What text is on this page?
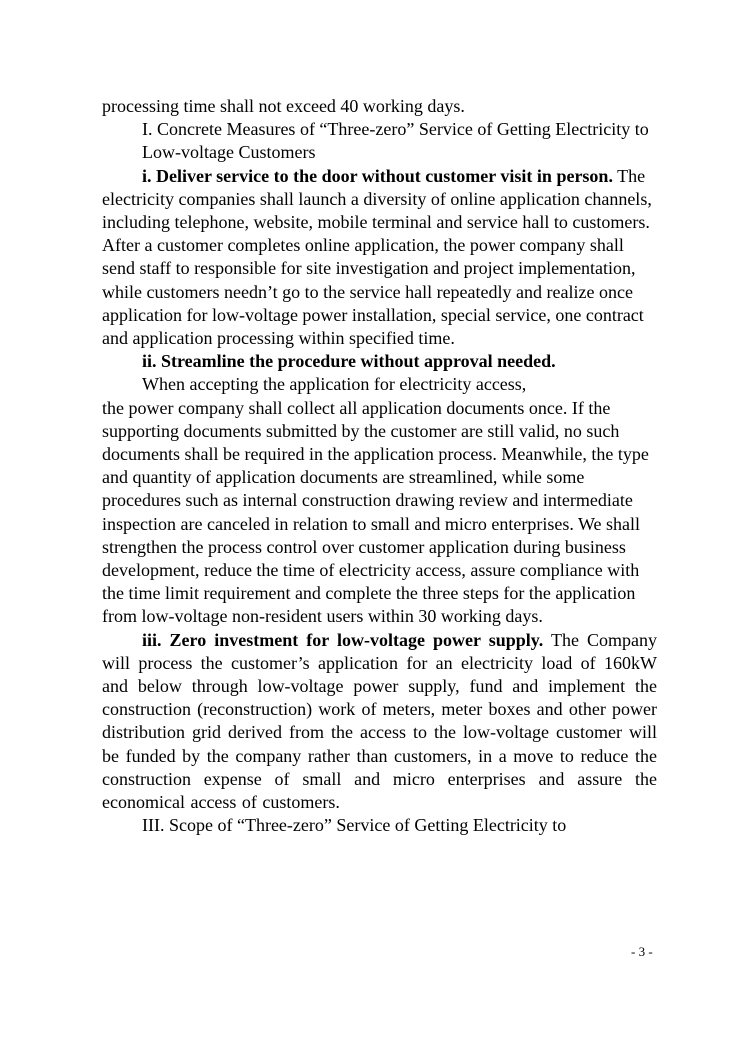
processing time shall not exceed 40 working days.

I. Concrete Measures of “Three-zero” Service of Getting Electricity to Low-voltage Customers

i. Deliver service to the door without customer visit in person. The electricity companies shall launch a diversity of online application channels, including telephone, website, mobile terminal and service hall to customers. After a customer completes online application, the power company shall send staff to responsible for site investigation and project implementation, while customers needn’t go to the service hall repeatedly and realize once application for low-voltage power installation, special service, one contract and application processing within specified time.

ii. Streamline the procedure without approval needed.

When accepting the application for electricity access,

the power company shall collect all application documents once. If the supporting documents submitted by the customer are still valid, no such documents shall be required in the application process. Meanwhile, the type and quantity of application documents are streamlined, while some procedures such as internal construction drawing review and intermediate inspection are canceled in relation to small and micro enterprises. We shall strengthen the process control over customer application during business development, reduce the time of electricity access, assure compliance with the time limit requirement and complete the three steps for the application from low-voltage non-resident users within 30 working days.

iii. Zero investment for low-voltage power supply. The Company will process the customer’s application for an electricity load of 160kW and below through low-voltage power supply, fund and implement the construction (reconstruction) work of meters, meter boxes and other power distribution grid derived from the access to the low-voltage customer will be funded by the company rather than customers, in a move to reduce the construction expense of small and micro enterprises and assure the economical access of customers.

III. Scope of “Three-zero” Service of Getting Electricity to

- 3 -
